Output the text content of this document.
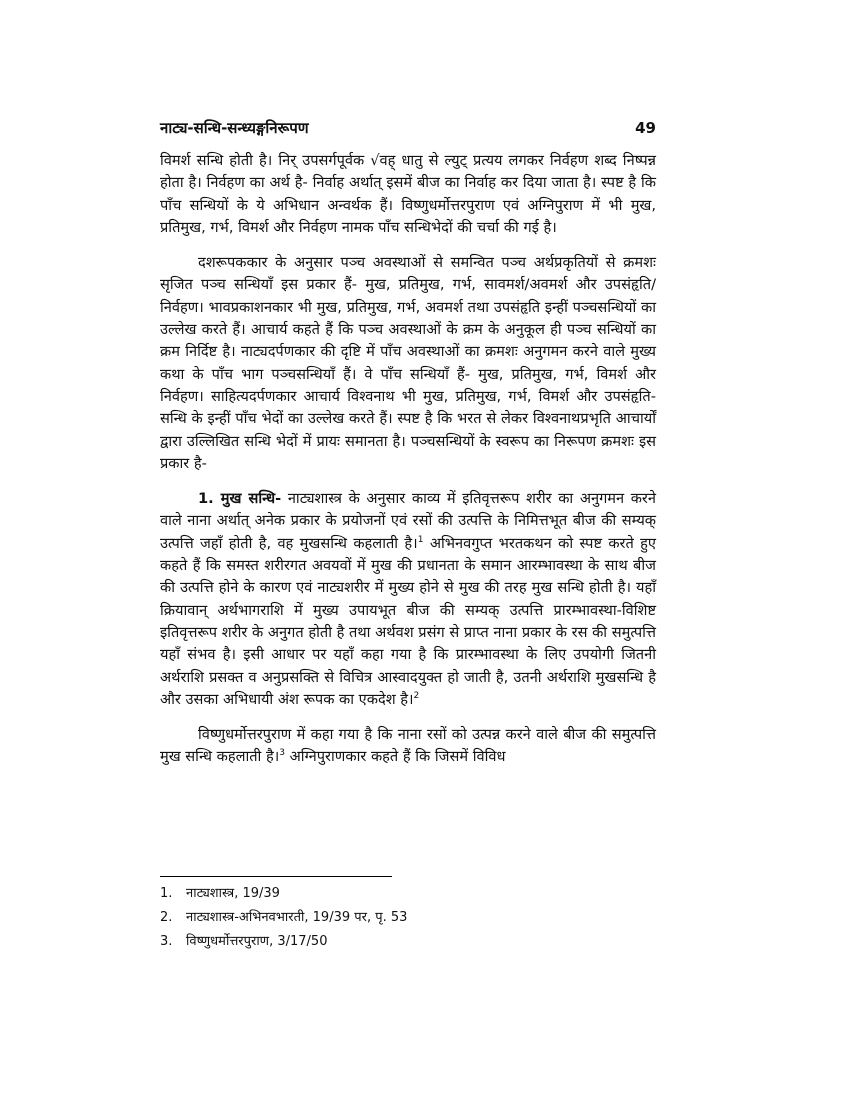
नाट्य-सन्धि-सन्ध्यङ्गनिरूपण	49

विमर्श सन्धि होती है। निर् उपसर्गपूर्वक √वह् धातु से ल्युट् प्रत्यय लगकर निर्वहण शब्द निष्पन्न होता है। निर्वहण का अर्थ है- निर्वाह अर्थात् इसमें बीज का निर्वाह कर दिया जाता है। स्पष्ट है कि पाँच सन्धियों के ये अभिधान अन्वर्थक हैं। विष्णुधर्मोत्तरपुराण एवं अग्निपुराण में भी मुख, प्रतिमुख, गर्भ, विमर्श और निर्वहण नामक पाँच सन्धिभेदों की चर्चा की गई है।

दशरूपककार के अनुसार पञ्च अवस्थाओं से समन्वित पञ्च अर्थप्रकृतियों से क्रमशः सृजित पञ्च सन्धियाँ इस प्रकार हैं- मुख, प्रतिमुख, गर्भ, सावमर्श/अवमर्श और उपसंहृति/निर्वहण। भावप्रकाशनकार भी मुख, प्रतिमुख, गर्भ, अवमर्श तथा उपसंहृति इन्हीं पञ्चसन्धियों का उल्लेख करते हैं। आचार्य कहते हैं कि पञ्च अवस्थाओं के क्रम के अनुकूल ही पञ्च सन्धियों का क्रम निर्दिष्ट है। नाट्यदर्पणकार की दृष्टि में पाँच अवस्थाओं का क्रमशः अनुगमन करने वाले मुख्य कथा के पाँच भाग पञ्चसन्धियाँ हैं। वे पाँच सन्धियाँ हैं- मुख, प्रतिमुख, गर्भ, विमर्श और निर्वहण। साहित्यदर्पणकार आचार्य विश्वनाथ भी मुख, प्रतिमुख, गर्भ, विमर्श और उपसंहृति-सन्धि के इन्हीं पाँच भेदों का उल्लेख करते हैं। स्पष्ट है कि भरत से लेकर विश्वनाथप्रभृति आचार्यों द्वारा उल्लिखित सन्धि भेदों में प्रायः समानता है। पञ्चसन्धियों के स्वरूप का निरूपण क्रमशः इस प्रकार है-

1. मुख सन्धि- नाट्यशास्त्र के अनुसार काव्य में इतिवृत्तरूप शरीर का अनुगमन करने वाले नाना अर्थात् अनेक प्रकार के प्रयोजनों एवं रसों की उत्पत्ति के निमित्तभूत बीज की सम्यक् उत्पत्ति जहाँ होती है, वह मुखसन्धि कहलाती है।$^1$ अभिनवगुप्त भरतकथन को स्पष्ट करते हुए कहते हैं कि समस्त शरीरगत अवयवों में मुख की प्रधानता के समान आरम्भावस्था के साथ बीज की उत्पत्ति होने के कारण एवं नाट्यशरीर में मुख्य होने से मुख की तरह मुख सन्धि होती है। यहाँ क्रियावान् अर्थभागराशि में मुख्य उपायभूत बीज की सम्यक् उत्पत्ति प्रारम्भावस्था-विशिष्ट इतिवृत्तरूप शरीर के अनुगत होती है तथा अर्थवश प्रसंग से प्राप्त नाना प्रकार के रस की समुत्पत्ति यहाँ संभव है। इसी आधार पर यहाँ कहा गया है कि प्रारम्भावस्था के लिए उपयोगी जितनी अर्थराशि प्रसक्त व अनुप्रसक्ति से विचित्र आस्वादयुक्त हो जाती है, उतनी अर्थराशि मुखसन्धि है और उसका अभिधायी अंश रूपक का एकदेश है।$^2$

विष्णुधर्मोत्तरपुराण में कहा गया है कि नाना रसों को उत्पन्न करने वाले बीज की समुत्पत्ति मुख सन्धि कहलाती है।$^3$ अग्निपुराणकार कहते हैं कि जिसमें विविध

1.	नाट्यशास्त्र, 19/39
2.	नाट्यशास्त्र-अभिनवभारती, 19/39 पर, पृ. 53
3.	विष्णुधर्मोत्तरपुराण, 3/17/50
